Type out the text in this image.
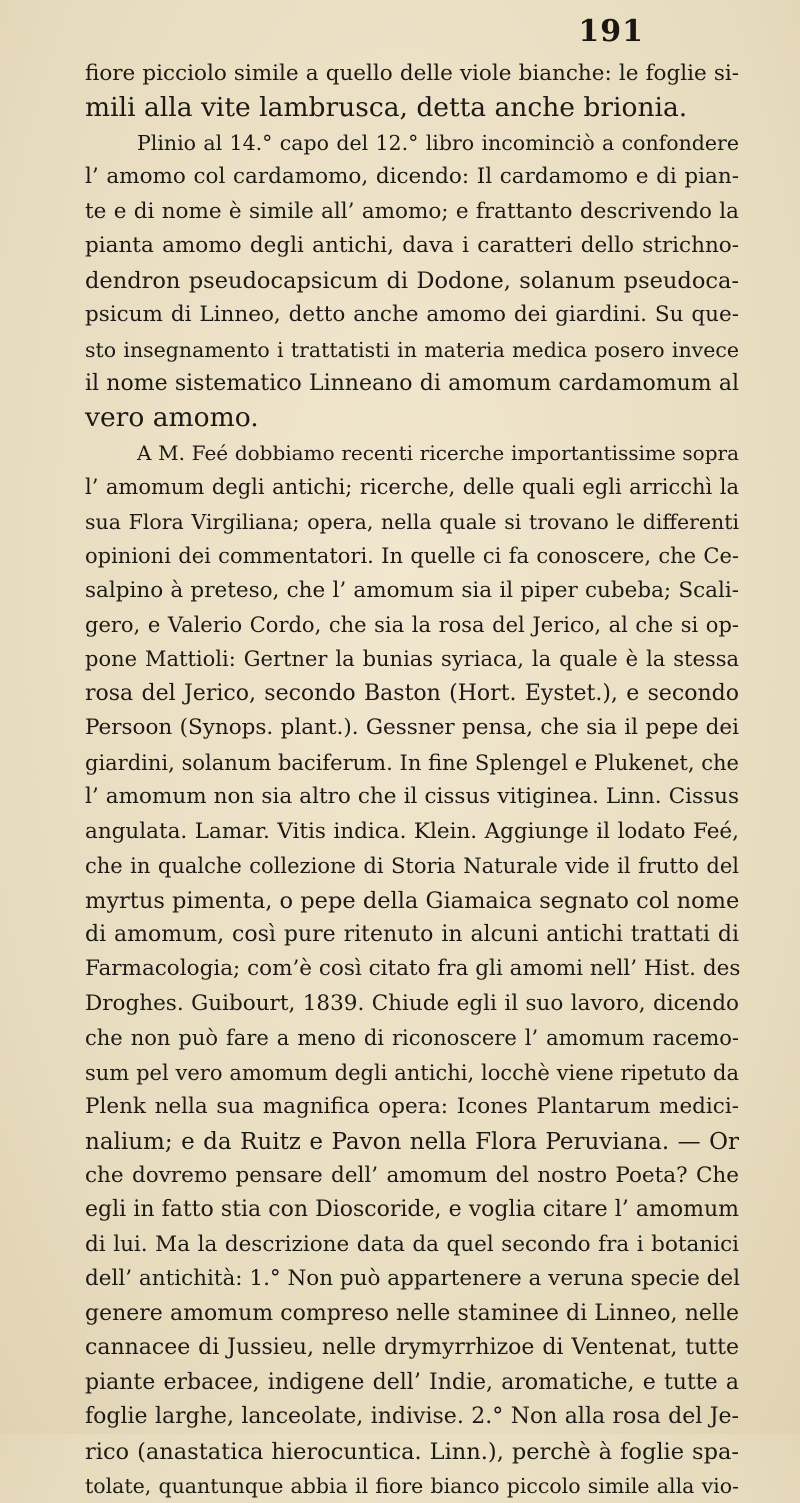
191
fiore picciolo simile a quello delle viole bianche: le foglie si-
mili alla vite lambrusca, detta anche brionia.
Plinio al 14.° capo del 12.° libro incominciò a confondere
l’ amomo col cardamomo, dicendo: Il cardamomo e di pian-
te e di nome è simile all’ amomo; e frattanto descrivendo la
pianta amomo degli antichi, dava i caratteri dello strichno-
dendron pseudocapsicum di Dodone, solanum pseudoca-
psicum di Linneo, detto anche amomo dei giardini. Su que-
sto insegnamento i trattatisti in materia medica posero invece
il nome sistematico Linneano di amomum cardamomum al
vero amomo.
A M. Feé dobbiamo recenti ricerche importantissime sopra
l’ amomum degli antichi; ricerche, delle quali egli arricchì la
sua Flora Virgiliana; opera, nella quale si trovano le differenti
opinioni dei commentatori. In quelle ci fa conoscere, che Ce-
salpino à preteso, che l’ amomum sia il piper cubeba; Scali-
gero, e Valerio Cordo, che sia la rosa del Jerico, al che si op-
pone Mattioli: Gertner la bunias syriaca, la quale è la stessa
rosa del Jerico, secondo Baston (Hort. Eystet.), e secondo
Persoon (Synops. plant.). Gessner pensa, che sia il pepe dei
giardini, solanum baciferum. In fine Splengel e Plukenet, che
l’ amomum non sia altro che il cissus vitiginea. Linn. Cissus
angulata. Lamar. Vitis indica. Klein. Aggiunge il lodato Feé,
che in qualche collezione di Storia Naturale vide il frutto del
myrtus pimenta, o pepe della Giamaica segnato col nome
di amomum, così pure ritenuto in alcuni antichi trattati di
Farmacologia; com’è così citato fra gli amomi nell’ Hist. des
Droghes. Guibourt, 1839. Chiude egli il suo lavoro, dicendo
che non può fare a meno di riconoscere l’ amomum racemo-
sum pel vero amomum degli antichi, locchè viene ripetuto da
Plenk nella sua magnifica opera: Icones Plantarum medici-
nalium; e da Ruitz e Pavon nella Flora Peruviana. — Or
che dovremo pensare dell’ amomum del nostro Poeta? Che
egli in fatto stia con Dioscoride, e voglia citare l’ amomum
di lui. Ma la descrizione data da quel secondo fra i botanici
dell’ antichità: 1.° Non può appartenere a veruna specie del
genere amomum compreso nelle staminee di Linneo, nelle
cannacee di Jussieu, nelle drymyrrhizoe di Ventenat, tutte
piante erbacee, indigene dell’ Indie, aromatiche, e tutte a
foglie larghe, lanceolate, indivise. 2.° Non alla rosa del Je-
rico (anastatica hierocuntica. Linn.), perchè à foglie spa-
tolate, quantunque abbia il fiore bianco piccolo simile alla vio-
